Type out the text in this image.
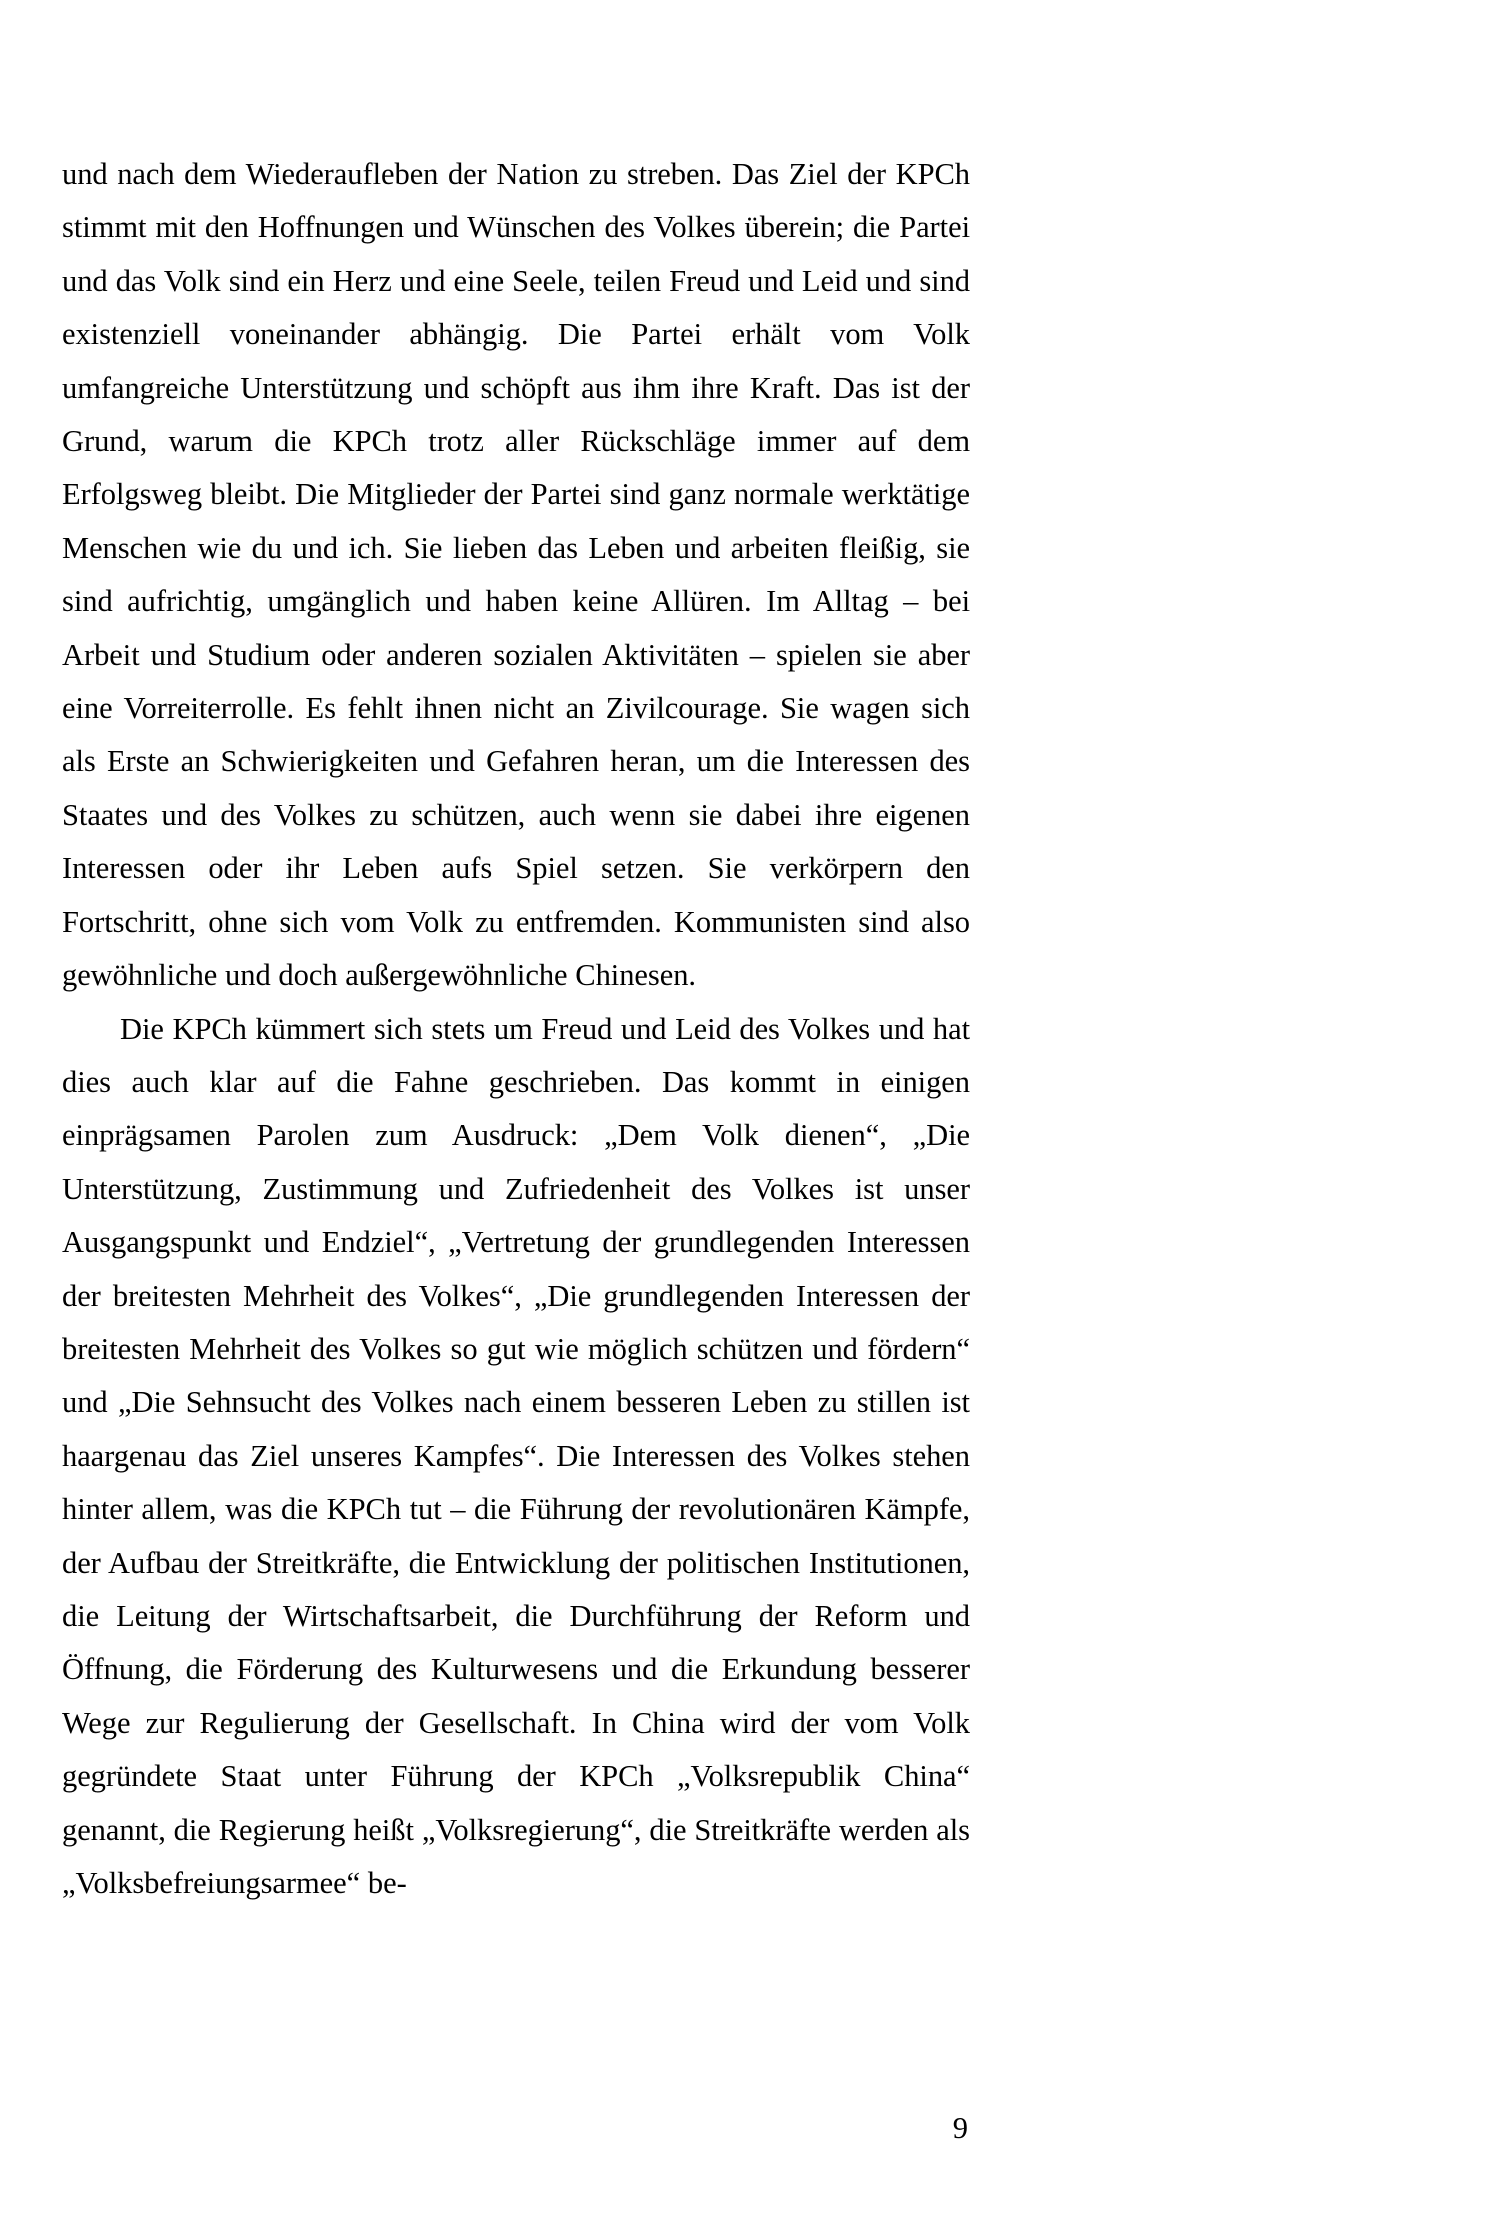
und nach dem Wiederaufleben der Nation zu streben. Das Ziel der KPCh stimmt mit den Hoffnungen und Wünschen des Volkes überein; die Partei und das Volk sind ein Herz und eine Seele, teilen Freud und Leid und sind existenziell voneinander abhängig. Die Partei erhält vom Volk umfangreiche Unterstützung und schöpft aus ihm ihre Kraft. Das ist der Grund, warum die KPCh trotz aller Rückschläge immer auf dem Erfolgsweg bleibt. Die Mitglieder der Partei sind ganz normale werktätige Menschen wie du und ich. Sie lieben das Leben und arbeiten fleißig, sie sind aufrichtig, umgänglich und haben keine Allüren. Im Alltag – bei Arbeit und Studium oder anderen sozialen Aktivitäten – spielen sie aber eine Vorreiterrolle. Es fehlt ihnen nicht an Zivilcourage. Sie wagen sich als Erste an Schwierigkeiten und Gefahren heran, um die Interessen des Staates und des Volkes zu schützen, auch wenn sie dabei ihre eigenen Interessen oder ihr Leben aufs Spiel setzen. Sie verkörpern den Fortschritt, ohne sich vom Volk zu entfremden. Kommunisten sind also gewöhnliche und doch außergewöhnliche Chinesen.

Die KPCh kümmert sich stets um Freud und Leid des Volkes und hat dies auch klar auf die Fahne geschrieben. Das kommt in einigen einprägsamen Parolen zum Ausdruck: „Dem Volk dienen“, „Die Unterstützung, Zustimmung und Zufriedenheit des Volkes ist unser Ausgangspunkt und Endziel“, „Vertretung der grundlegenden Interessen der breitesten Mehrheit des Volkes“, „Die grundlegenden Interessen der breitesten Mehrheit des Volkes so gut wie möglich schützen und fördern“ und „Die Sehnsucht des Volkes nach einem besseren Leben zu stillen ist haargenau das Ziel unseres Kampfes“. Die Interessen des Volkes stehen hinter allem, was die KPCh tut – die Führung der revolutionären Kämpfe, der Aufbau der Streitkräfte, die Entwicklung der politischen Institutionen, die Leitung der Wirtschaftsarbeit, die Durchführung der Reform und Öffnung, die Förderung des Kulturwesens und die Erkundung besserer Wege zur Regulierung der Gesellschaft. In China wird der vom Volk gegründete Staat unter Führung der KPCh „Volksrepublik China“ genannt, die Regierung heißt „Volksregierung“, die Streitkräfte werden als „Volksbefreiungsarmee“ be-

9
